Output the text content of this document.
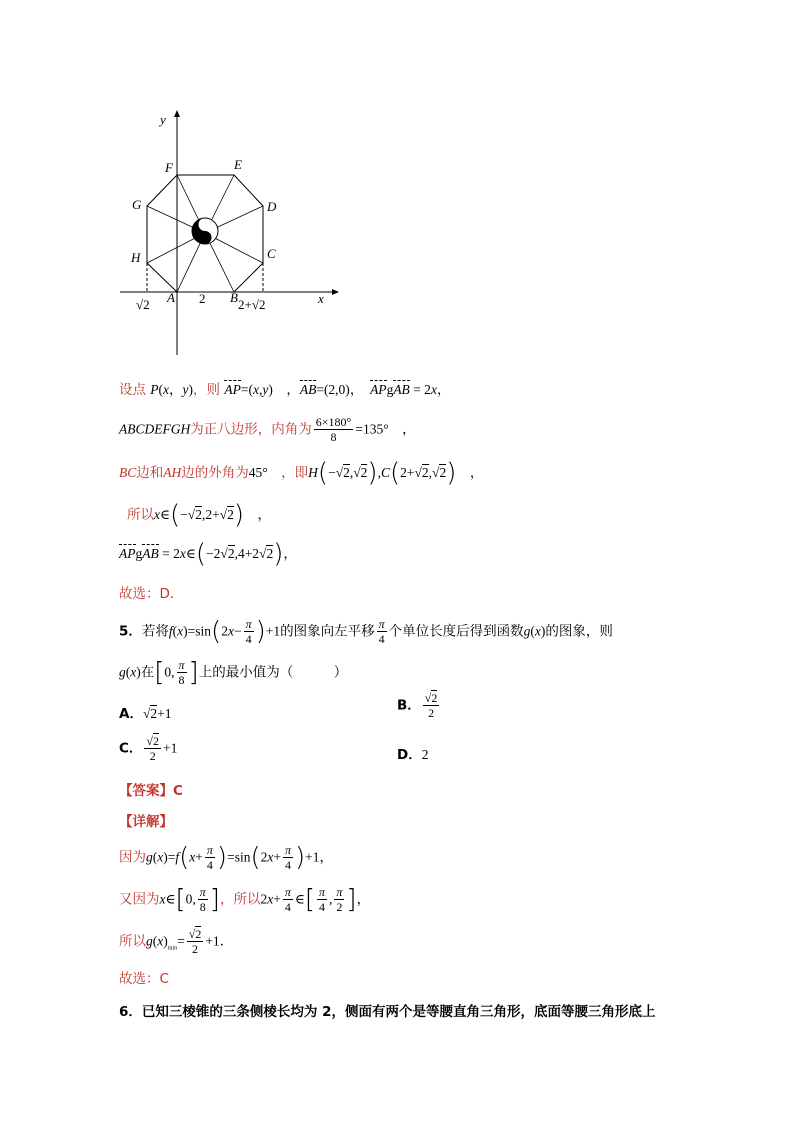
y
x
A	B
C
D
E
F
G
H
√2	2	2+√2
设点 P(x，y)，则 AP=(x,y)　，AB=(2,0)，　APgAB = 2x，
ABCDEFGH为正八边形，内角为 $\frac{6\times 180^\circ}{8} =135^\circ$　，
BC边和AH边的外角为45°　 ，即H(−√2,√2),C(2+√2,√2)　，
所以x∈(−√2,2+√2)　，
APgAB = 2x∈(−2√2,4+2√2)，
故选：D．
5．若将$f(x)=\sin(2x- \frac{\pi}{4} )+1$的图象向左平移 $\frac{\pi}{4}$ 个单位长度后得到函数g(x)的图象，则
g(x)在[0, $\frac{\pi}{8}$ ]上的最小值为（　　　）
A．√2+1	B． $\frac{√2}{2}$
C． $\frac{√2}{2} +1$	D．2
【答案】C
【详解】
因为$g(x)=f(x+ \frac{\pi}{4} )=\sin(2x+ \frac{\pi}{4} )+1$，
又因为x∈[0, $\frac{\pi}{8}$ ]，所以$2x+ \frac{\pi}{4}$ ∈[ $\frac{\pi}{4}$ , $\frac{\pi}{2}$ ]，
所以$g(x)_{min}= \frac{√2}{2} +1$．
故选：C
6．已知三棱锥的三条侧棱长均为 2，侧面有两个是等腰直角三角形，底面等腰三角形底上
